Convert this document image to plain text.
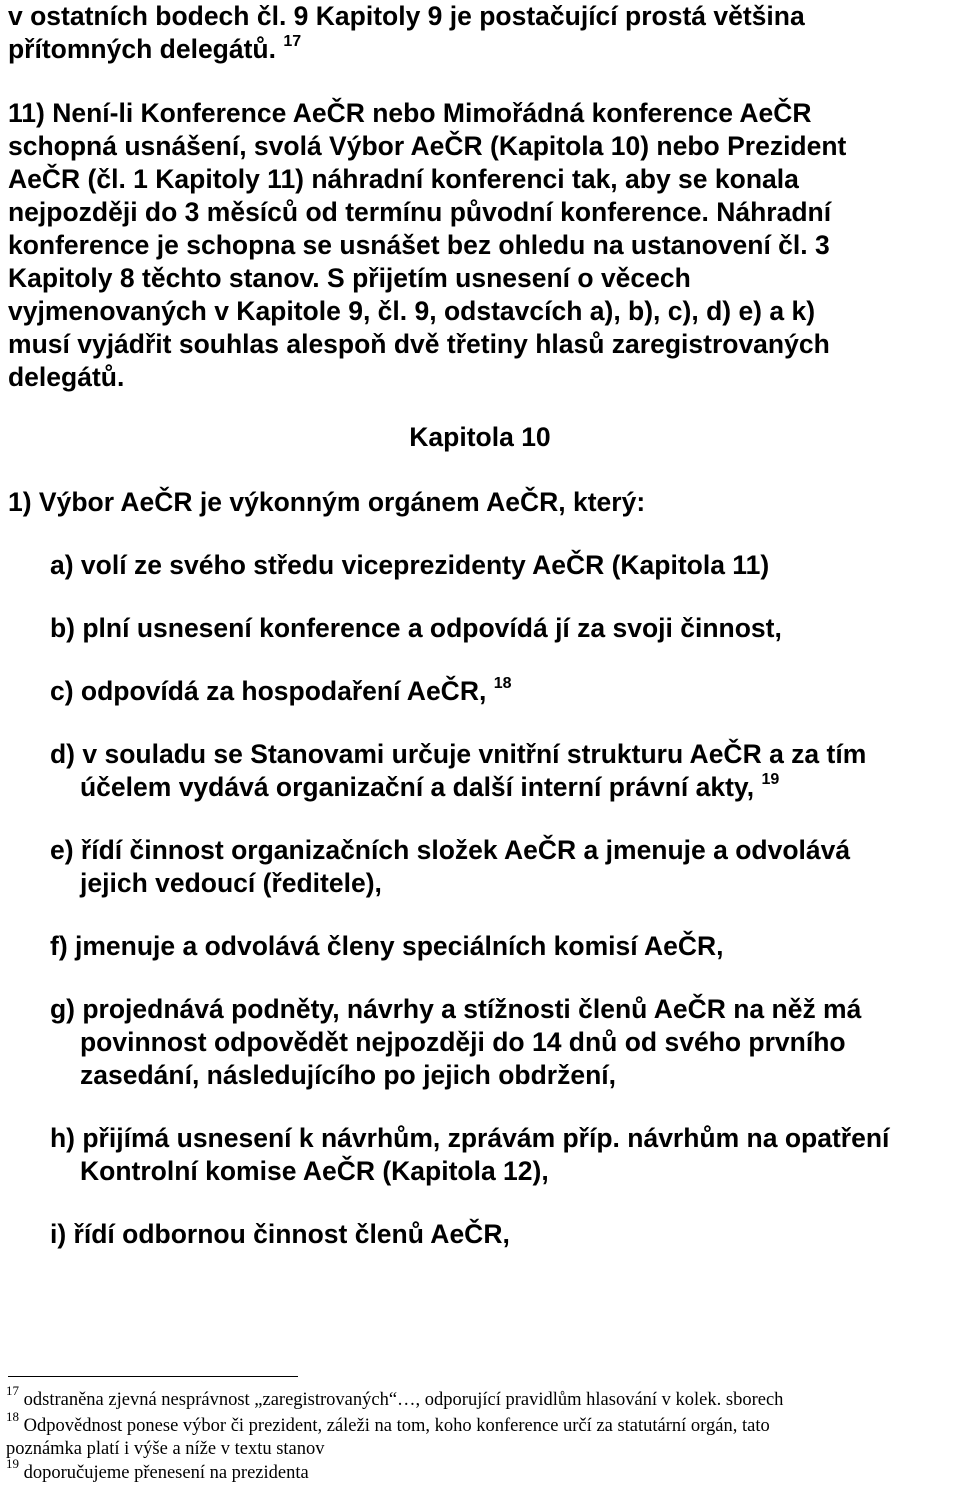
v ostatních bodech čl. 9 Kapitoly 9 je postačující prostá většina
přítomných delegátů. $^{17}$

11) Není-li Konference AeČR nebo Mimořádná konference AeČR
schopná usnášení, svolá Výbor AeČR (Kapitola 10) nebo Prezident
AeČR (čl. 1 Kapitoly 11) náhradní konferenci tak, aby se konala
nejpozději do 3 měsíců od termínu původní konference. Náhradní
konference je schopna se usnášet bez ohledu na ustanovení čl. 3
Kapitoly 8 těchto stanov. S přijetím usnesení o věcech
vyjmenovaných v Kapitole 9, čl. 9, odstavcích a), b), c), d) e) a k)
musí vyjádřit souhlas alespoň dvě třetiny hlasů zaregistrovaných
delegátů.

Kapitola 10
1) Výbor AeČR je výkonným orgánem AeČR, který:
a) volí ze svého středu viceprezidenty AeČR (Kapitola 11)
b) plní usnesení konference a odpovídá jí za svoji činnost,
c) odpovídá za hospodaření AeČR, $^{18}$
d) v souladu se Stanovami určuje vnitřní strukturu AeČR a za tím
účelem vydává organizační a další interní právní akty, $^{19}$
e) řídí činnost organizačních složek AeČR a jmenuje a odvolává
jejich vedoucí (ředitele),
f) jmenuje a odvolává členy speciálních komisí AeČR,
g) projednává podněty, návrhy a stížnosti členů AeČR na něž má
povinnost odpovědět nejpozději do 14 dnů od svého prvního
zasedání, následujícího po jejich obdržení,
h) přijímá usnesení k návrhům, zprávám příp. návrhům na opatření
Kontrolní komise AeČR (Kapitola 12),
i) řídí odbornou činnost členů AeČR,
$^{17}$ odstraněna zjevná nesprávnost „zaregistrovaných“…, odporující pravidlům hlasování v kolek. sborech
$^{18}$ Odpovědnost ponese výbor či prezident, záleži na tom, koho konference určí za statutární orgán, tato
poznámka platí i výše a níže v textu stanov
$^{19}$ doporučujeme přenesení na prezidenta
